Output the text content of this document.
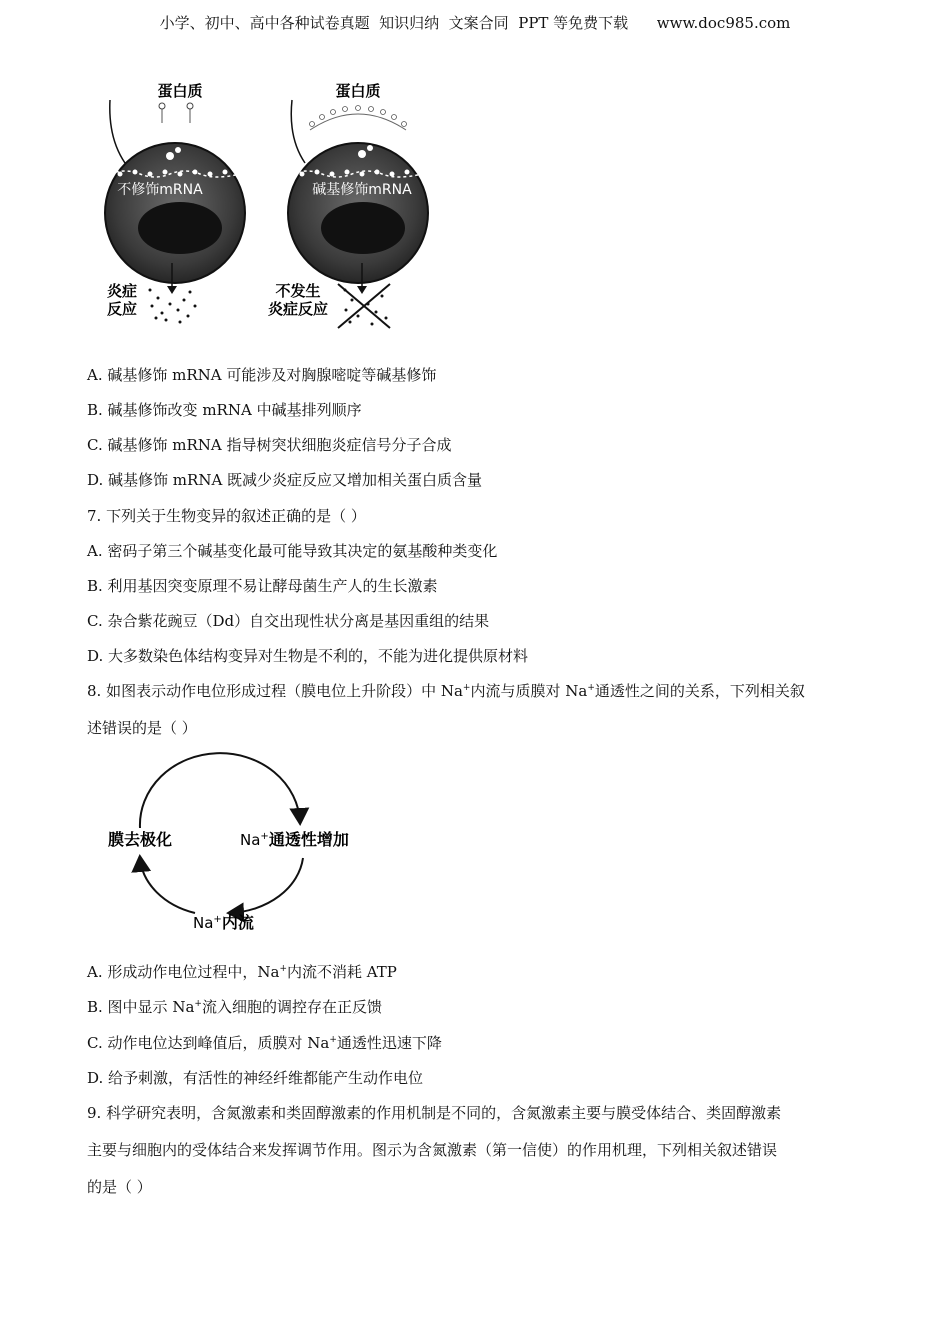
小学、初中、高中各种试卷真题  知识归纳  文案合同  PPT 等免费下载      www.doc985.com
蛋白质
不修饰mRNA
炎症
反应
蛋白质
碱基修饰mRNA
不发生
炎症反应
A. 碱基修饰 mRNA 可能涉及对胸腺嘧啶等碱基修饰
B. 碱基修饰改变 mRNA 中碱基排列顺序
C. 碱基修饰 mRNA 指导树突状细胞炎症信号分子合成
D. 碱基修饰 mRNA 既减少炎症反应又增加相关蛋白质含量
7. 下列关于生物变异的叙述正确的是（ ）
A. 密码子第三个碱基变化最可能导致其决定的氨基酸种类变化
B. 利用基因突变原理不易让酵母菌生产人的生长激素
C. 杂合紫花豌豆（Dd）自交出现性状分离是基因重组的结果
D. 大多数染色体结构变异对生物是不利的，不能为进化提供原材料
8. 如图表示动作电位形成过程（膜电位上升阶段）中 Na+内流与质膜对 Na+通透性之间的关系，下列相关叙
述错误的是（ ）
膜去极化	Na+通透性增加
Na+内流
A. 形成动作电位过程中，Na+内流不消耗 ATP
B. 图中显示 Na+流入细胞的调控存在正反馈
C. 动作电位达到峰值后，质膜对 Na+通透性迅速下降
D. 给予刺激，有活性的神经纤维都能产生动作电位
9. 科学研究表明，含氮激素和类固醇激素的作用机制是不同的，含氮激素主要与膜受体结合、类固醇激素
主要与细胞内的受体结合来发挥调节作用。图示为含氮激素（第一信使）的作用机理，下列相关叙述错误
的是（ ）
